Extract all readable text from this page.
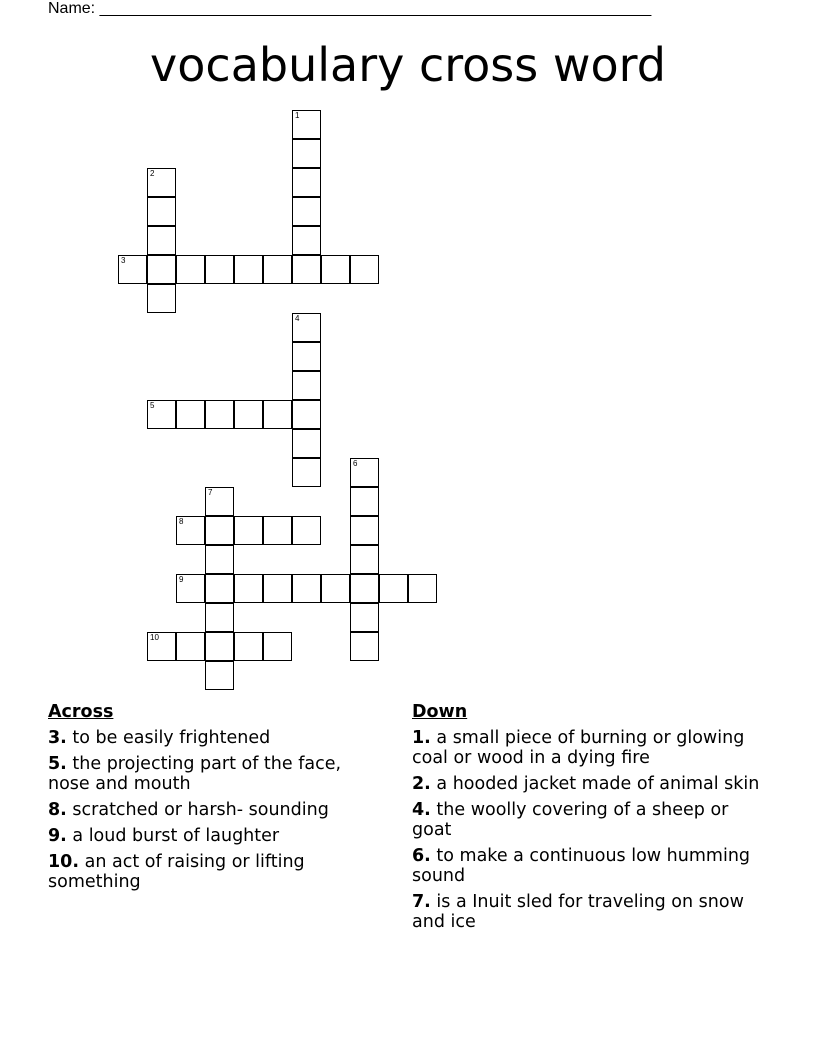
Name: ______________________________________________________________
vocabulary cross word
1
2
3
4
5
6
7
8
9
10
Across
3. to be easily frightened
5. the projecting part of the face, nose and mouth
8. scratched or harsh- sounding
9. a loud burst of laughter
10. an act of raising or lifting something
Down
1. a small piece of burning or glowing coal or wood in a dying fire
2. a hooded jacket made of animal skin
4. the woolly covering of a sheep or goat
6. to make a continuous low humming sound
7. is a Inuit sled for traveling on snow and ice
